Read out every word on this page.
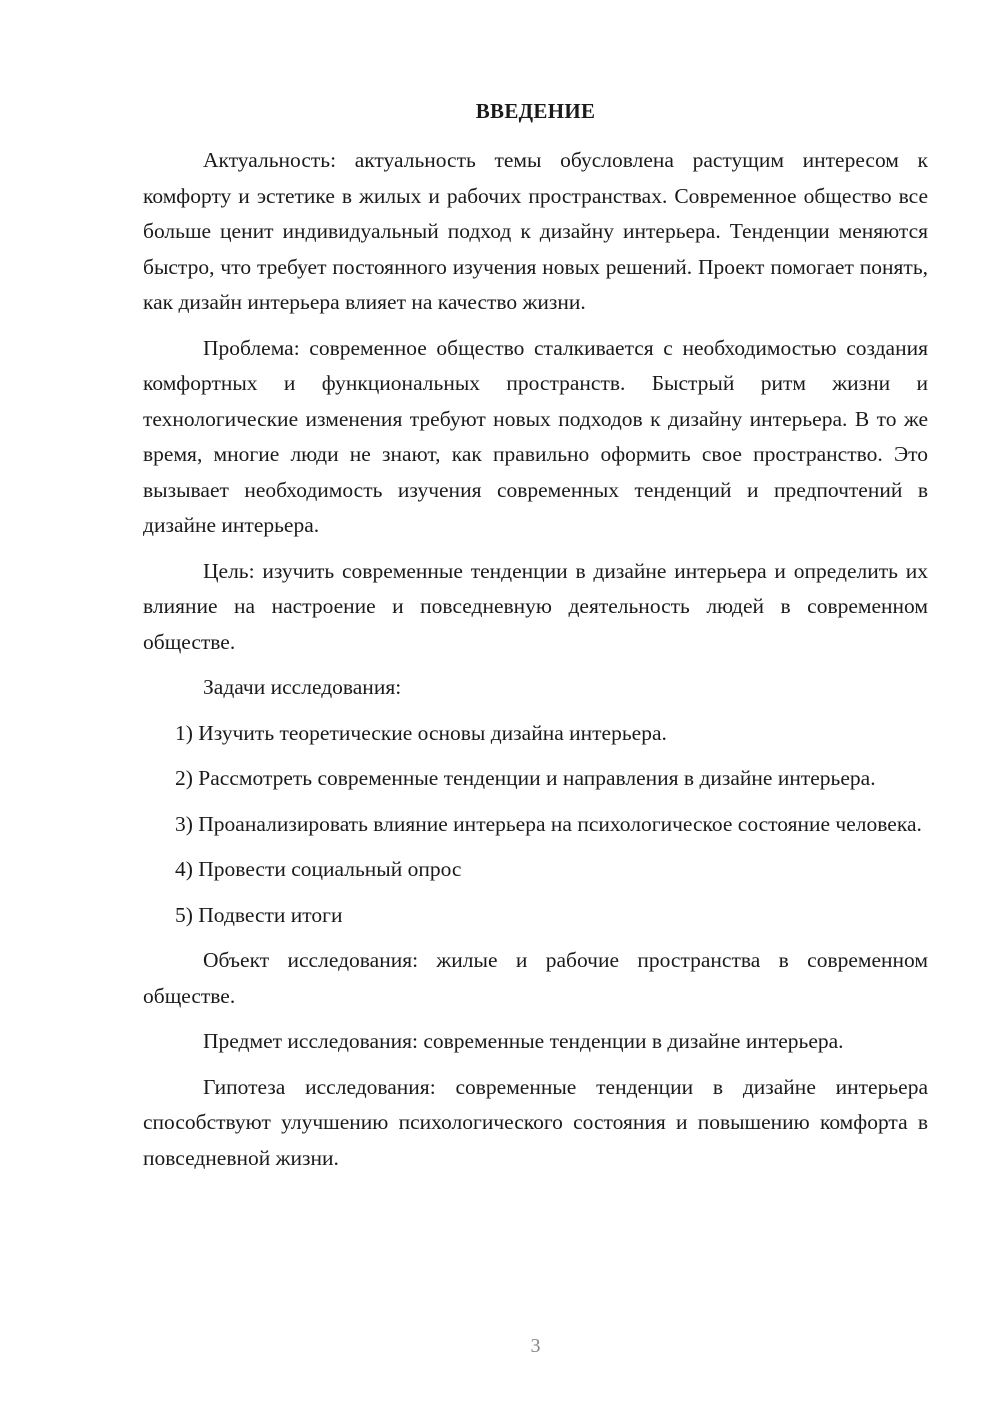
ВВЕДЕНИЕ

Актуальность: актуальность темы обусловлена растущим интересом к комфорту и эстетике в жилых и рабочих пространствах. Современное общество все больше ценит индивидуальный подход к дизайну интерьера. Тенденции меняются быстро, что требует постоянного изучения новых решений. Проект помогает понять, как дизайн интерьера влияет на качество жизни.

Проблема: современное общество сталкивается с необходимостью создания комфортных и функциональных пространств. Быстрый ритм жизни и технологические изменения требуют новых подходов к дизайну интерьера. В то же время, многие люди не знают, как правильно оформить свое пространство. Это вызывает необходимость изучения современных тенденций и предпочтений в дизайне интерьера.

Цель: изучить современные тенденции в дизайне интерьера и определить их влияние на настроение и повседневную деятельность людей в современном обществе.

Задачи исследования:

1) Изучить теоретические основы дизайна интерьера.

2) Рассмотреть современные тенденции и направления в дизайне интерьера.

3) Проанализировать влияние интерьера на психологическое состояние человека.

4) Провести социальный опрос

5) Подвести итоги

Объект исследования: жилые и рабочие пространства в современном обществе.

Предмет исследования: современные тенденции в дизайне интерьера.

Гипотеза исследования: современные тенденции в дизайне интерьера способствуют улучшению психологического состояния и повышению комфорта в повседневной жизни.

3
